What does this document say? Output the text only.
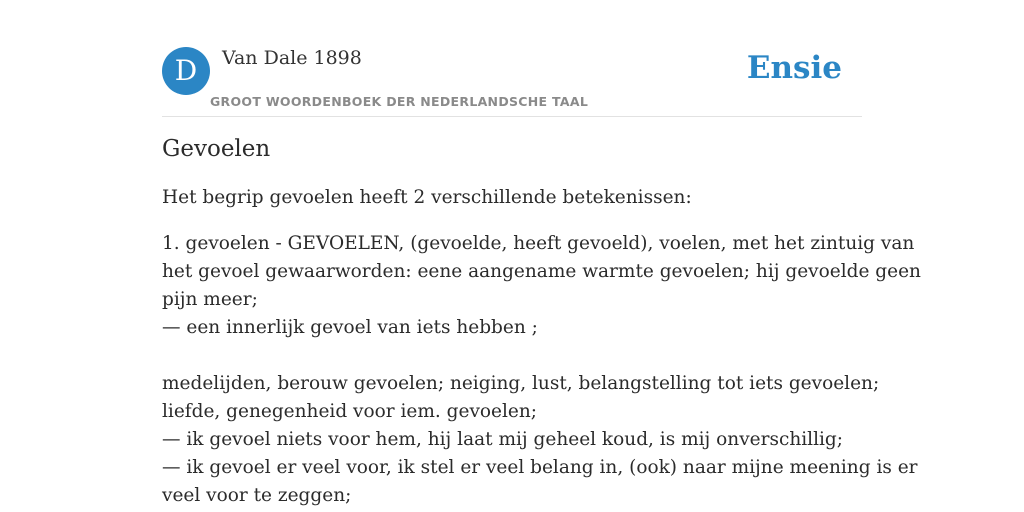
D	Van Dale 1898
GROOT WOORDENBOEK DER NEDERLANDSCHE TAAL
Ensie
Gevoelen

Het begrip gevoelen heeft 2 verschillende betekenissen:

1. gevoelen - GEVOELEN, (gevoelde, heeft gevoeld), voelen, met het zintuig van
het gevoel gewaarworden: eene aangename warmte gevoelen; hij gevoelde geen
pijn meer;
— een innerlijk gevoel van iets hebben ;
medelijden, berouw gevoelen; neiging, lust, belangstelling tot iets gevoelen;
liefde, genegenheid voor iem. gevoelen;
— ik gevoel niets voor hem, hij laat mij geheel koud, is mij onverschillig;
— ik gevoel er veel voor, ik stel er veel belang in, (ook) naar mijne meening is er
veel voor te zeggen;
